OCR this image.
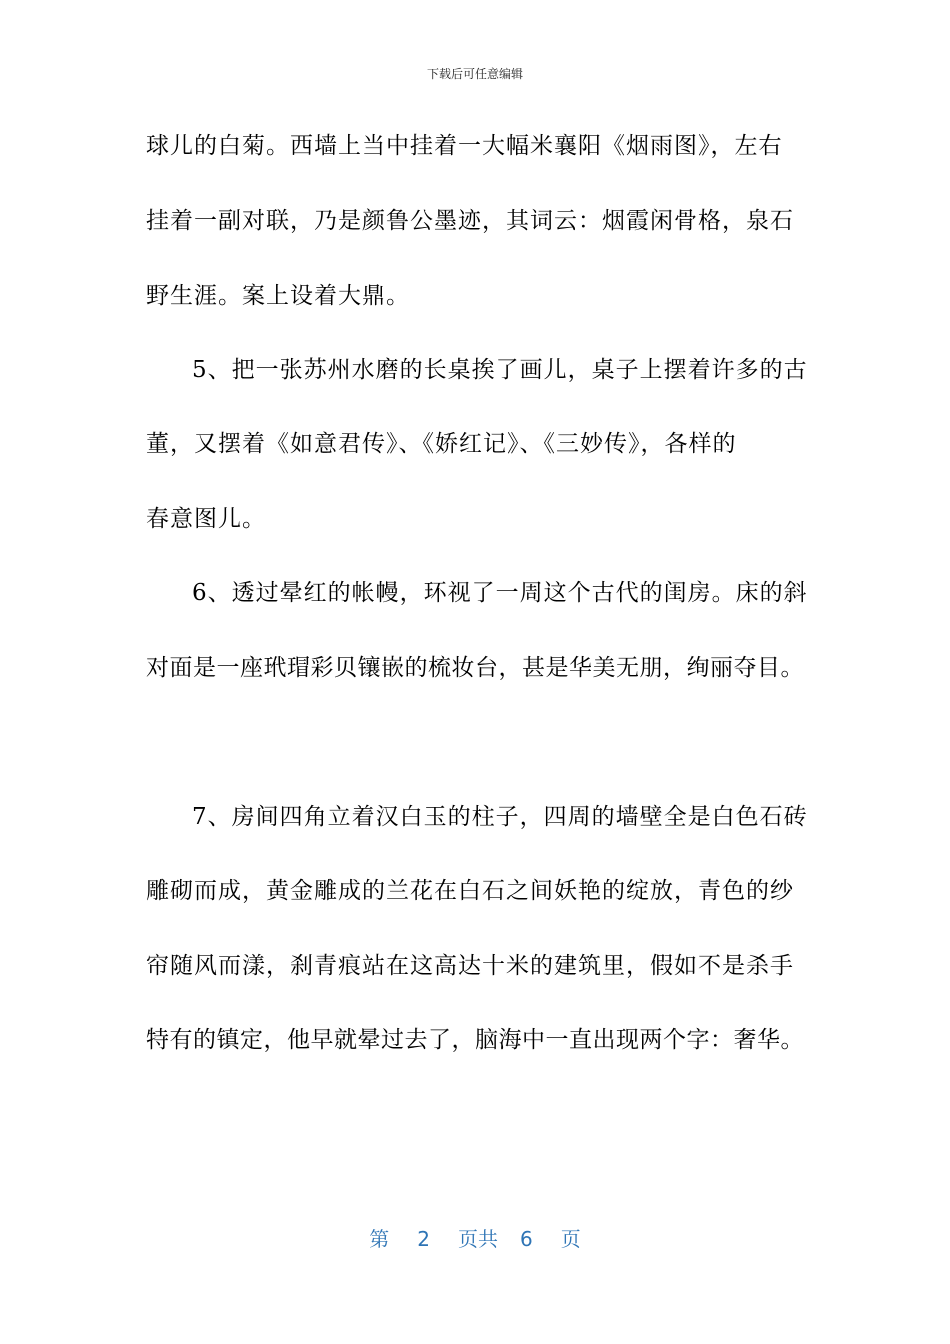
下载后可任意编辑
球儿的白菊。西墙上当中挂着一大幅米襄阳《烟雨图》，左右
挂着一副对联，乃是颜鲁公墨迹，其词云：烟霞闲骨格，泉石
野生涯。案上设着大鼎。
5、把一张苏州水磨的长桌挨了画儿，桌子上摆着许多的古
董，又摆着《如意君传》、《娇红记》、《三妙传》，各样的
春意图儿。
6、透过晕红的帐幔，环视了一周这个古代的闺房。床的斜
对面是一座玳瑁彩贝镶嵌的梳妆台，甚是华美无朋，绚丽夺目。
7、房间四角立着汉白玉的柱子，四周的墙壁全是白色石砖
雕砌而成，黄金雕成的兰花在白石之间妖艳的绽放，青色的纱
帘随风而漾，刹青痕站在这高达十米的建筑里，假如不是杀手
特有的镇定，他早就晕过去了，脑海中一直出现两个字：奢华。
第 2 页共 6 页
